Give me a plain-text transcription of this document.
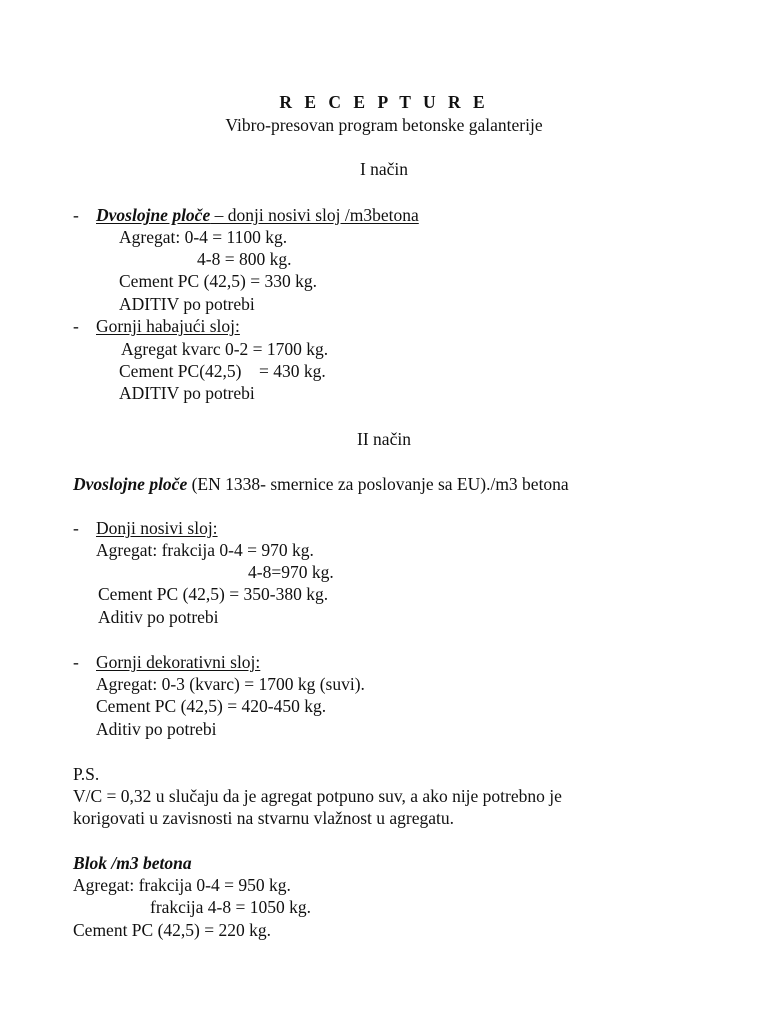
R E C E P T U R E
Vibro-presovan program betonske galanterije
I način
- Dvoslojne ploče – donji nosivi sloj /m3betona
Agregat: 0-4 = 1100 kg.
4-8 = 800 kg.
Cement PC (42,5) = 330 kg.
ADITIV po potrebi
- Gornji habajući sloj:
Agregat kvarc 0-2 = 1700 kg.
Cement PC(42,5)    = 430 kg.
ADITIV po potrebi
II način
Dvoslojne ploče (EN 1338- smernice za poslovanje sa EU)./m3 betona
- Donji nosivi sloj:
Agregat: frakcija 0-4 = 970 kg.
4-8=970 kg.
Cement PC (42,5) = 350-380 kg.
Aditiv po potrebi
- Gornji dekorativni sloj:
Agregat: 0-3 (kvarc) = 1700 kg (suvi).
Cement PC (42,5) = 420-450 kg.
Aditiv po potrebi
P.S.
V/C = 0,32 u slučaju da je agregat potpuno suv, a ako nije potrebno je
korigovati u zavisnosti na stvarnu vlažnost u agregatu.
Blok /m3 betona
Agregat: frakcija 0-4 = 950 kg.
frakcija 4-8 = 1050 kg.
Cement PC (42,5) = 220 kg.
